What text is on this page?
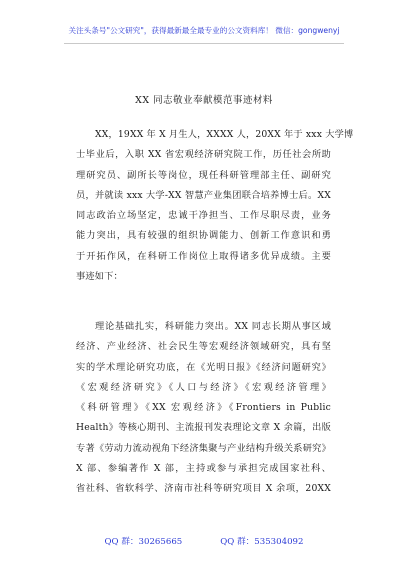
关注头条号"公文研究"，获得最新最全最专业的公文资料库！ 微信：gongwenyj
XX 同志敬业奉献模范事迹材料
XX，19XX 年 X 月生人，XXXX 人，20XX 年于 xxx 大学博
士毕业后，入职 XX 省宏观经济研究院工作，历任社会所助
理研究员、副所长等岗位，现任科研管理部主任、副研究
员，并就读 xxx 大学-XX 智慧产业集团联合培养博士后。XX
同志政治立场坚定，忠诚干净担当、工作尽职尽责，业务
能力突出，具有较强的组织协调能力、创新工作意识和勇
于开拓作风，在科研工作岗位上取得诸多优异成绩。主要
事迹如下：
理论基础扎实，科研能力突出。XX 同志长期从事区域
经济、产业经济、社会民生等宏观经济领域研究，具有坚
实的学术理论研究功底，在《光明日报》《经济问题研究》
《宏观经济研究》《人口与经济》《宏观经济管理》
《科研管理》《XX 宏观经济》《Frontiers in Public
Health》等核心期刊、主流报刊发表理论文章 X 余篇，出版
专著《劳动力流动视角下经济集聚与产业结构升级关系研究》
X 部、参编著作 X 部，主持或参与承担完成国家社科、
省社科、省软科学、济南市社科等研究项目 X 余项，20XX
QQ 群：30265665	QQ 群：535304092
